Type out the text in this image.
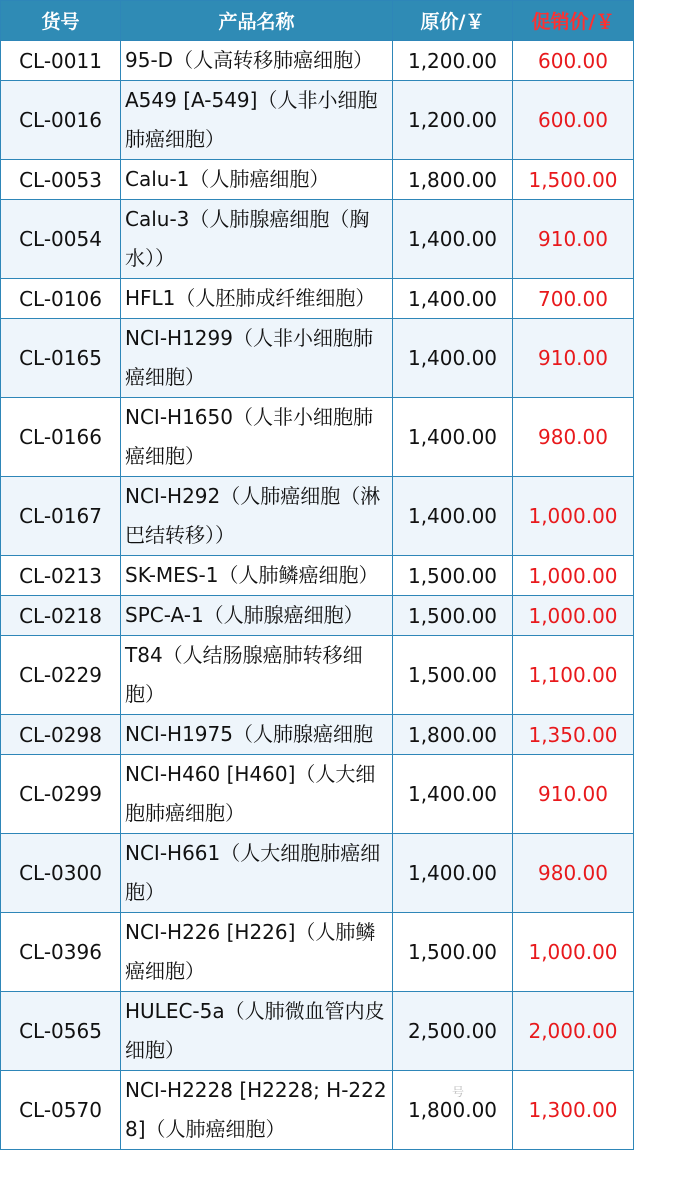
货号	产品名称	原价/￥	促销价/￥
CL-0011	95-D（人高转移肺癌细胞）	1,200.00	600.00
CL-0016	A549 [A-549]（人非小细胞肺癌细胞）	1,200.00	600.00
CL-0053	Calu-1（人肺癌细胞）	1,800.00	1,500.00
CL-0054	Calu-3（人肺腺癌细胞（胸水））	1,400.00	910.00
CL-0106	HFL1（人胚肺成纤维细胞）	1,400.00	700.00
CL-0165	NCI-H1299（人非小细胞肺癌细胞）	1,400.00	910.00
CL-0166	NCI-H1650（人非小细胞肺癌细胞）	1,400.00	980.00
CL-0167	NCI-H292（人肺癌细胞（淋巴结转移））	1,400.00	1,000.00
CL-0213	SK-MES-1（人肺鳞癌细胞）	1,500.00	1,000.00
CL-0218	SPC-A-1（人肺腺癌细胞）	1,500.00	1,000.00
CL-0229	T84（人结肠腺癌肺转移细胞）	1,500.00	1,100.00
CL-0298	NCI-H1975（人肺腺癌细胞	1,800.00	1,350.00
CL-0299	NCI-H460 [H460]（人大细胞肺癌细胞）	1,400.00	910.00
CL-0300	NCI-H661（人大细胞肺癌细胞）	1,400.00	980.00
CL-0396	NCI-H226 [H226]（人肺鳞癌细胞）	1,500.00	1,000.00
CL-0565	HULEC-5a（人肺微血管内皮细胞）	2,500.00	2,000.00
CL-0570	NCI-H2228 [H2228; H-2228]（人肺癌细胞）	1,800.00	1,300.00
号
